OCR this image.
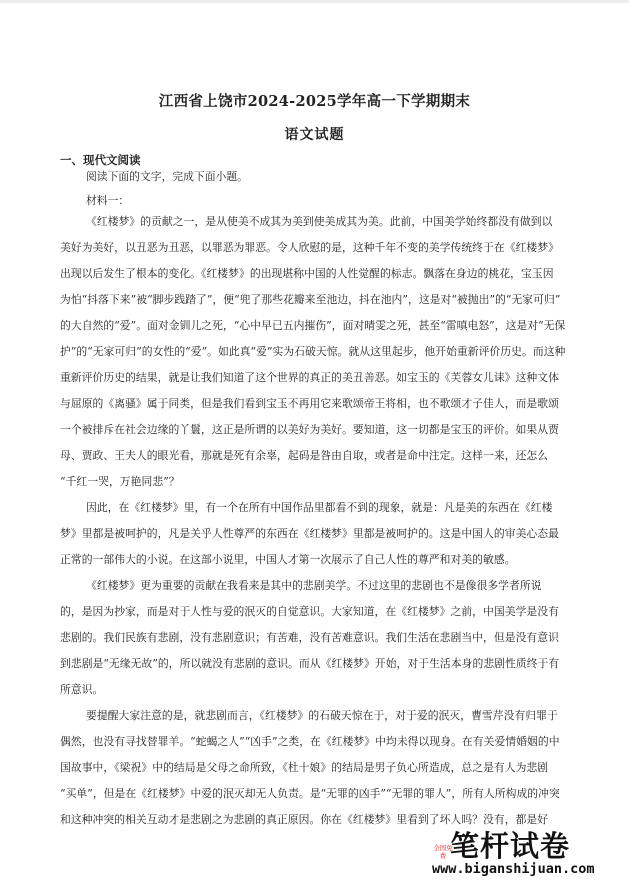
江西省上饶市2024-2025学年高一下学期期末
语文试题
一、现代文阅读
阅读下面的文字，完成下面小题。
材料一：
《红楼梦》的贡献之一，是从使美不成其为美到使美成其为美。此前，中国美学始终都没有做到以
美好为美好，以丑恶为丑恶，以罪恶为罪恶。令人欣慰的是，这种千年不变的美学传统终于在《红楼梦》
出现以后发生了根本的变化。《红楼梦》的出现堪称中国的人性觉醒的标志。飘落在身边的桃花，宝玉因
为怕“抖落下来”被“脚步践踏了”，便“兜了那些花瓣来至池边，抖在池内”，这是对“被抛出”的“无家可归”
的大自然的“爱”。面对金钏儿之死，“心中早已五内摧伤”，面对晴雯之死，甚至“雷嗔电怒”，这是对“无保
护”的“无家可归”的女性的“爱”。如此真“爱”实为石破天惊。就从这里起步，他开始重新评价历史。而这种
重新评价历史的结果，就是让我们知道了这个世界的真正的美丑善恶。如宝玉的《芙蓉女儿诔》这种文体
与屈原的《离骚》属于同类，但是我们看到宝玉不再用它来歌颂帝王将相，也不歌颂才子佳人，而是歌颂
一个被排斥在社会边缘的丫鬟，这正是所谓的以美好为美好。要知道，这一切都是宝玉的评价。如果从贾
母、贾政、王夫人的眼光看，那就是死有余辜，起码是咎由自取，或者是命中注定。这样一来，还怎么
“千红一哭，万艳同悲”？
因此，在《红楼梦》里，有一个在所有中国作品里都看不到的现象，就是：凡是美的东西在《红楼
梦》里都是被呵护的，凡是关乎人性尊严的东西在《红楼梦》里都是被呵护的。这是中国人的审美心态最
正常的一部伟大的小说。在这部小说里，中国人才第一次展示了自己人性的尊严和对美的敏感。
《红楼梦》更为重要的贡献在我看来是其中的悲剧美学。不过这里的悲剧也不是像很多学者所说
的，是因为抄家，而是对于人性与爱的泯灭的自觉意识。大家知道，在《红楼梦》之前，中国美学是没有
悲剧的。我们民族有悲剧，没有悲剧意识；有苦难，没有苦难意识。我们生活在悲剧当中，但是没有意识
到悲剧是“无缘无故”的，所以就没有悲剧的意识。而从《红楼梦》开始，对于生活本身的悲剧性质终于有
所意识。
要提醒大家注意的是，就悲剧而言，《红楼梦》的石破天惊在于，对于爱的泯灭，曹雪芹没有归罪于
偶然，也没有寻找替罪羊。“蛇蝎之人”“凶手”之类，在《红楼梦》中均未得以现身。在有关爱情婚姻的中
国故事中，《梁祝》中的结局是父母之命所致，《杜十娘》的结局是男子负心所造成，总之是有人为悲剧
“买单”，但是在《红楼梦》中爱的泯灭却无人负责。是“无罪的凶手”“无罪的罪人”，所有人所构成的冲突
和这种冲突的相关互动才是悲剧之为悲剧的真正原因。你在《红楼梦》里看到了坏人吗？没有，都是好
全国免费 笔杆试卷
www.biganshijuan.com
